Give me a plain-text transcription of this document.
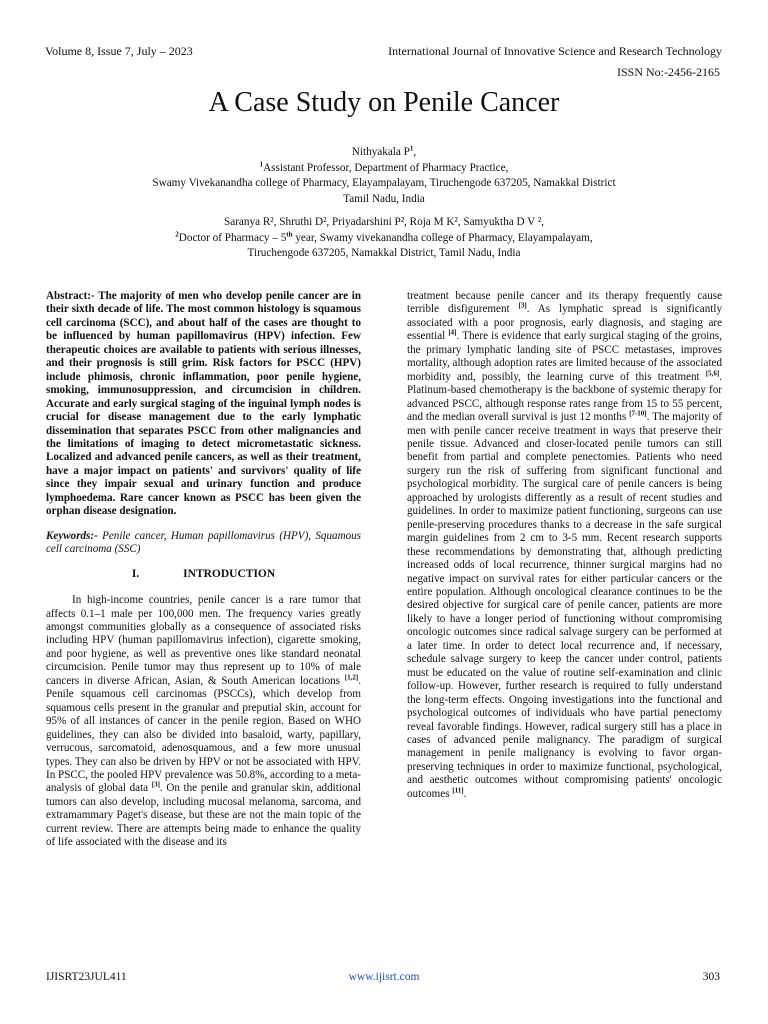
Volume 8, Issue 7, July – 2023	International Journal of Innovative Science and Research Technology
ISSN No:-2456-2165
A Case Study on Penile Cancer

Nithyakala $P^1$,

$^1$Assistant Professor, Department of Pharmacy Practice,

Swamy Vivekanandha college of Pharmacy, Elayampalayam, Tiruchengode 637205, Namakkal District

Tamil Nadu, India

Saranya R², Shruthi D², Priyadarshini P², Roja M K², Samyuktha D V ²,

$^2$Doctor of Pharmacy – 5th year, Swamy vivekanandha college of Pharmacy, Elayampalayam,

Tiruchengode 637205, Namakkal District, Tamil Nadu, India

Abstract:- The majority of men who develop penile cancer are in their sixth decade of life. The most common histology is squamous cell carcinoma (SCC), and about half of the cases are thought to be influenced by human papillomavirus (HPV) infection. Few therapeutic choices are available to patients with serious illnesses, and their prognosis is still grim. Risk factors for PSCC (HPV) include phimosis, chronic inflammation, poor penile hygiene, smoking, immunosuppression, and circumcision in children. Accurate and early surgical staging of the inguinal lymph nodes is crucial for disease management due to the early lymphatic dissemination that separates PSCC from other malignancies and the limitations of imaging to detect micrometastatic sickness. Localized and advanced penile cancers, as well as their treatment, have a major impact on patients' and survivors' quality of life since they impair sexual and urinary function and produce lymphoedema. Rare cancer known as PSCC has been given the orphan disease designation.

Keywords:- Penile cancer, Human papillomavirus (HPV), Squamous cell carcinoma (SSC)

I.	INTRODUCTION

In high-income countries, penile cancer is a rare tumor that affects 0.1–1 male per 100,000 men. The frequency varies greatly amongst communities globally as a consequence of associated risks including HPV (human papillomavirus infection), cigarette smoking, and poor hygiene, as well as preventive ones like standard neonatal circumcision. Penile tumor may thus represent up to 10% of male cancers in diverse African, Asian, & South American locations [1,2]. Penile squamous cell carcinomas (PSCCs), which develop from squamous cells present in the granular and preputial skin, account for 95% of all instances of cancer in the penile region. Based on WHO guidelines, they can also be divided into basaloid, warty, papillary, verrucous, sarcomatoid, adenosquamous, and a few more unusual types. They can also be driven by HPV or not be associated with HPV. In PSCC, the pooled HPV prevalence was 50.8%, according to a meta-analysis of global data [3]. On the penile and granular skin, additional tumors can also develop, including mucosal melanoma, sarcoma, and extramammary Paget's disease, but these are not the main topic of the current review. There are attempts being made to enhance the quality of life associated with the disease and its

treatment because penile cancer and its therapy frequently cause terrible disfigurement [3]. As lymphatic spread is significantly associated with a poor prognosis, early diagnosis, and staging are essential [4]. There is evidence that early surgical staging of the groins, the primary lymphatic landing site of PSCC metastases, improves mortality, although adoption rates are limited because of the associated morbidity and, possibly, the learning curve of this treatment [5,6]. Platinum-based chemotherapy is the backbone of systemic therapy for advanced PSCC, although response rates range from 15 to 55 percent, and the median overall survival is just 12 months [7-10]. The majority of men with penile cancer receive treatment in ways that preserve their penile tissue. Advanced and closer-located penile tumors can still benefit from partial and complete penectomies. Patients who need surgery run the risk of suffering from significant functional and psychological morbidity. The surgical care of penile cancers is being approached by urologists differently as a result of recent studies and guidelines. In order to maximize patient functioning, surgeons can use penile-preserving procedures thanks to a decrease in the safe surgical margin guidelines from 2 cm to 3-5 mm. Recent research supports these recommendations by demonstrating that, although predicting increased odds of local recurrence, thinner surgical margins had no negative impact on survival rates for either particular cancers or the entire population. Although oncological clearance continues to be the desired objective for surgical care of penile cancer, patients are more likely to have a longer period of functioning without compromising oncologic outcomes since radical salvage surgery can be performed at a later time. In order to detect local recurrence and, if necessary, schedule salvage surgery to keep the cancer under control, patients must be educated on the value of routine self-examination and clinic follow-up. However, further research is required to fully understand the long-term effects. Ongoing investigations into the functional and psychological outcomes of individuals who have partial penectomy reveal favorable findings. However, radical surgery still has a place in cases of advanced penile malignancy. The paradigm of surgical management in penile malignancy is evolving to favor organ-preserving techniques in order to maximize functional, psychological, and aesthetic outcomes without compromising patients' oncologic outcomes [11].

IJISRT23JUL411	www.ijisrt.com	303
